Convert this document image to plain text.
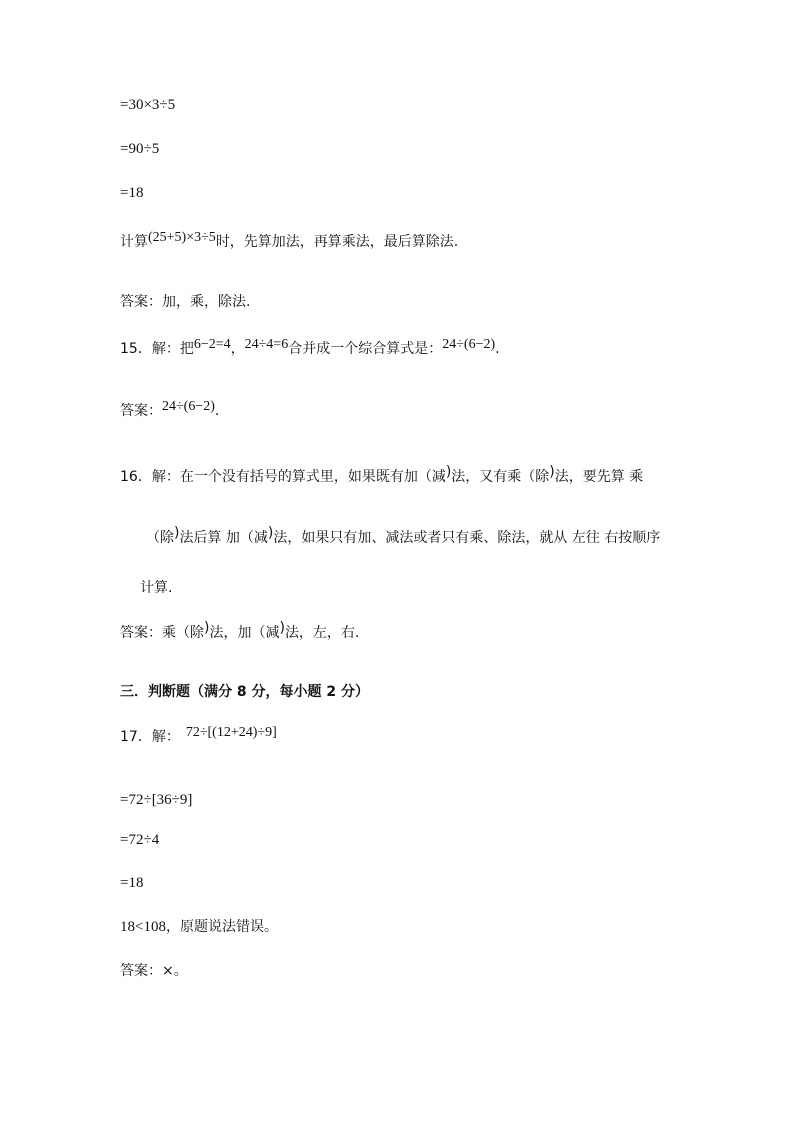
=30×3÷5
=90÷5
=18
计算(25+5)×3÷5时，先算加法，再算乘法，最后算除法.
答案：加，乘，除法.
15．解：把6−2=4，24÷4=6合并成一个综合算式是：24÷(6−2).
答案：24÷(6−2).
16．解：在一个没有括号的算式里，如果既有加（减)法，又有乘（除)法，要先算 乘
（除)法后算 加（减)法，如果只有加、减法或者只有乘、除法，就从 左往 右按顺序
计算.
答案：乘（除)法，加（减)法，左，右.
三．判断题（满分 8 分，每小题 2 分）
17．解： 72÷[(12+24)÷9]
=72÷[36÷9]
=72÷4
=18
18<108，原题说法错误。
答案：×。
